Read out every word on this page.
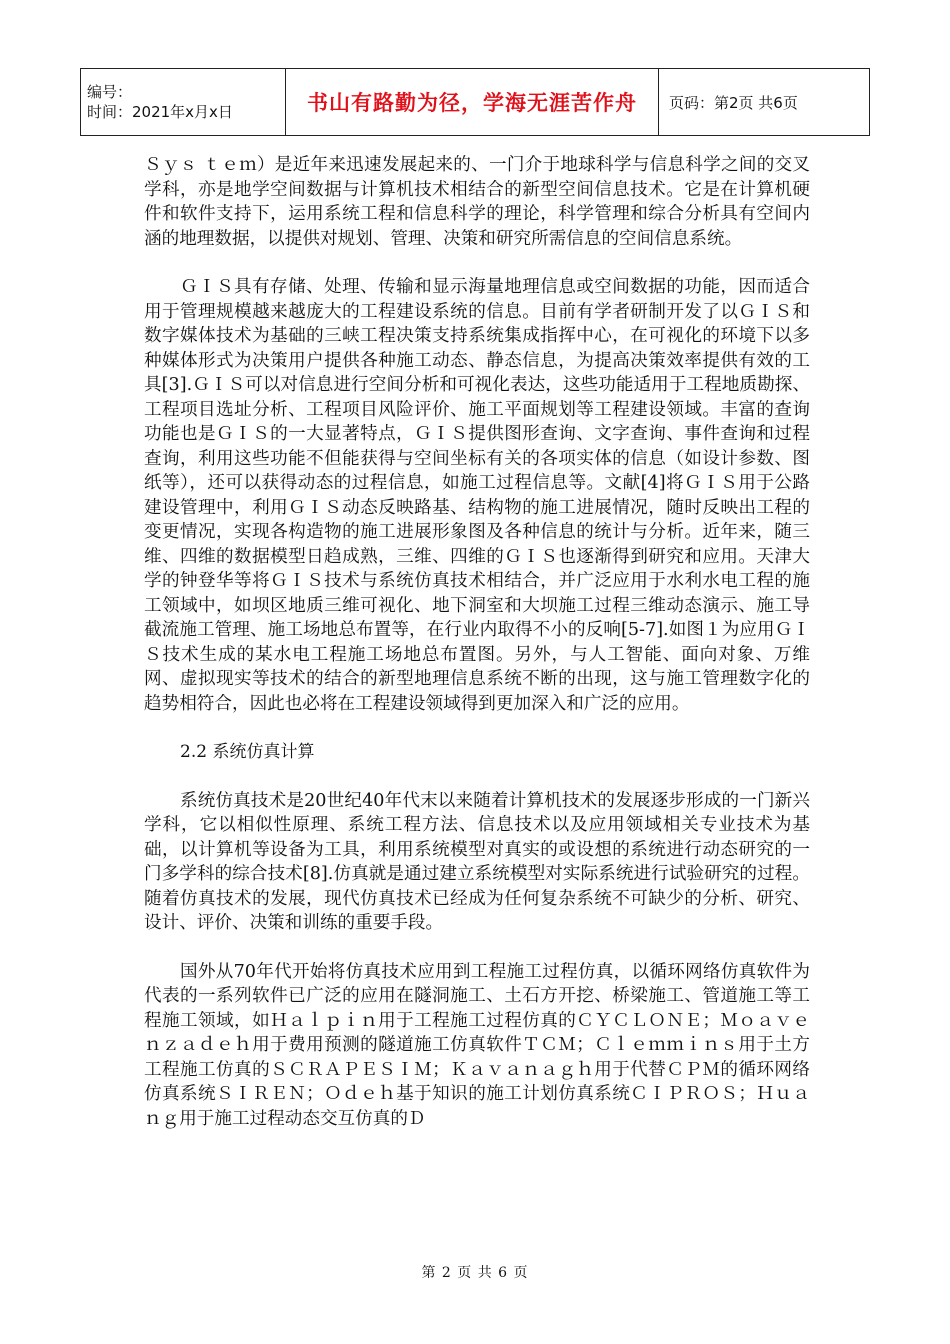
编号：
时间：2021年x月x日	书山有路勤为径，学海无涯苦作舟	页码：第2页 共6页

Ｓｙｓ ｔｅｍ）是近年来迅速发展起来的、一门介于地球科学与信息科学之间的交叉学科，亦是地学空间数据与计算机技术相结合的新型空间信息技术。它是在计算机硬件和软件支持下，运用系统工程和信息科学的理论，科学管理和综合分析具有空间内涵的地理数据，以提供对规划、管理、决策和研究所需信息的空间信息系统。

ＧＩＳ具有存储、处理、传输和显示海量地理信息或空间数据的功能，因而适合用于管理规模越来越庞大的工程建设系统的信息。目前有学者研制开发了以ＧＩＳ和数字媒体技术为基础的三峡工程决策支持系统集成指挥中心，在可视化的环境下以多种媒体形式为决策用户提供各种施工动态、静态信息，为提高决策效率提供有效的工具[3].ＧＩＳ可以对信息进行空间分析和可视化表达，这些功能适用于工程地质勘探、工程项目选址分析、工程项目风险评价、施工平面规划等工程建设领域。丰富的查询功能也是ＧＩＳ的一大显著特点，ＧＩＳ提供图形查询、文字查询、事件查询和过程查询，利用这些功能不但能获得与空间坐标有关的各项实体的信息（如设计参数、图纸等），还可以获得动态的过程信息，如施工过程信息等。文献[4]将ＧＩＳ用于公路建设管理中，利用ＧＩＳ动态反映路基、结构物的施工进展情况，随时反映出工程的变更情况，实现各构造物的施工进展形象图及各种信息的统计与分析。近年来，随三维、四维的数据模型日趋成熟，三维、四维的ＧＩＳ也逐渐得到研究和应用。天津大学的钟登华等将ＧＩＳ技术与系统仿真技术相结合，并广泛应用于水利水电工程的施工领域中，如坝区地质三维可视化、地下洞室和大坝施工过程三维动态演示、施工导截流施工管理、施工场地总布置等，在行业内取得不小的反响[5-7].如图１为应用ＧＩＳ技术生成的某水电工程施工场地总布置图。另外，与人工智能、面向对象、万维网、虚拟现实等技术的结合的新型地理信息系统不断的出现，这与施工管理数字化的趋势相符合，因此也必将在工程建设领域得到更加深入和广泛的应用。

2.2 系统仿真计算

系统仿真技术是20世纪40年代末以来随着计算机技术的发展逐步形成的一门新兴学科，它以相似性原理、系统工程方法、信息技术以及应用领域相关专业技术为基础，以计算机等设备为工具，利用系统模型对真实的或设想的系统进行动态研究的一门多学科的综合技术[8].仿真就是通过建立系统模型对实际系统进行试验研究的过程。随着仿真技术的发展，现代仿真技术已经成为任何复杂系统不可缺少的分析、研究、设计、评价、决策和训练的重要手段。

国外从70年代开始将仿真技术应用到工程施工过程仿真，以循环网络仿真软件为代表的一系列软件已广泛的应用在隧洞施工、土石方开挖、桥梁施工、管道施工等工程施工领域，如Ｈａｌｐｉｎ用于工程施工过程仿真的ＣＹＣＬＯＮＥ；Ｍｏａｖｅｎｚａｄｅｈ用于费用预测的隧道施工仿真软件ＴＣＭ；Ｃｌｅｍｍｉｎｓ用于土方工程施工仿真的ＳＣＲＡＰＥＳＩＭ；Ｋａｖａｎａｇｈ用于代替ＣＰＭ的循环网络仿真系统ＳＩＲＥＮ；Ｏｄｅｈ基于知识的施工计划仿真系统ＣＩＰＲＯＳ；Ｈｕａｎｇ用于施工过程动态交互仿真的Ｄ

第 2 页 共 6 页
